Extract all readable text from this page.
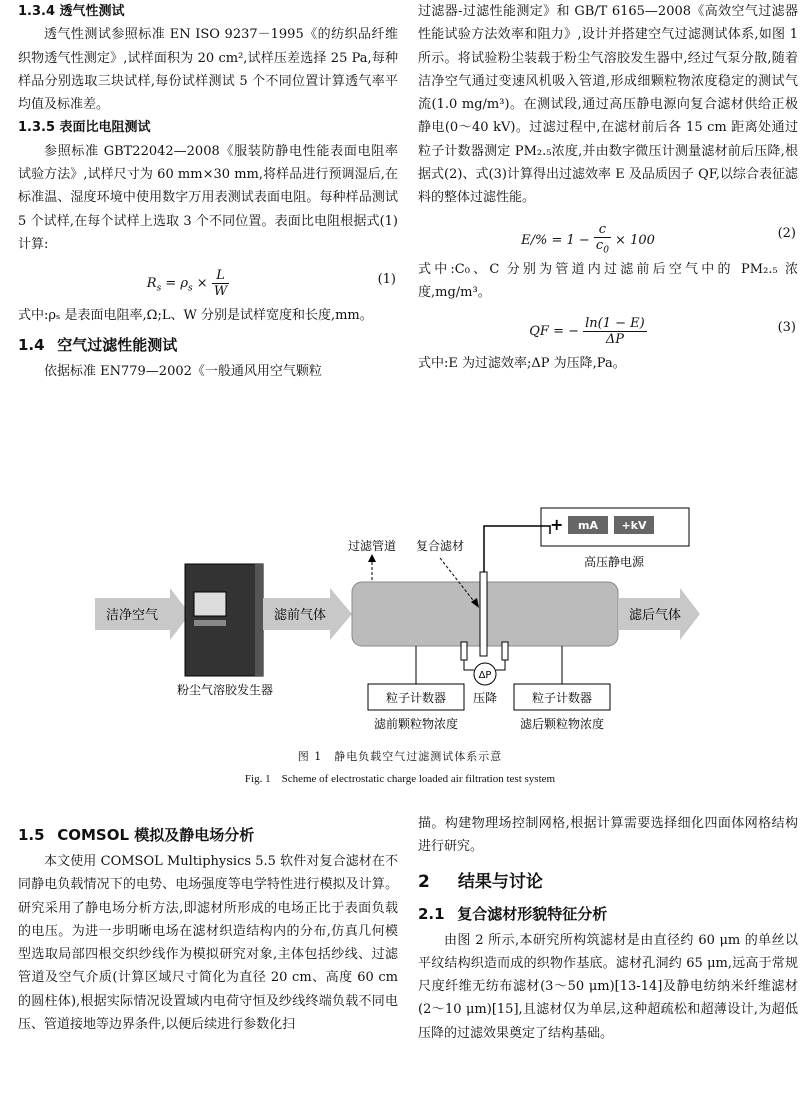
1.3.4 透气性测试

透气性测试参照标准 EN ISO 9237－1995《的纺织品纤维织物透气性测定》,试样面积为 20 cm²,试样压差选择 25 Pa,每种样品分别选取三块试样,每份试样测试 5 个不同位置计算透气率平均值及标准差。

1.3.5 表面比电阻测试

参照标准 GBT22042—2008《服装防静电性能表面电阻率试验方法》,试样尺寸为 60 mm×30 mm,将样品进行预调湿后,在标准温、湿度环境中使用数字万用表测试表面电阻。每种样品测试 5 个试样,在每个试样上选取 3 个不同位置。表面比电阻根据式(1)计算:

$R_s = \rho_s \times \frac{L}{W}$	(1)

式中:ρₛ 是表面电阻率,Ω;L、W 分别是试样宽度和长度,mm。

1.4 空气过滤性能测试

依据标准 EN779—2002《一般通风用空气颗粒

过滤器-过滤性能测定》和 GB/T 6165—2008《高效空气过滤器性能试验方法效率和阻力》,设计并搭建空气过滤测试体系,如图 1 所示。将试验粉尘装载于粉尘气溶胶发生器中,经过气泵分散,随着洁净空气通过变速风机吸入管道,形成细颗粒物浓度稳定的测试气流(1.0 mg/m³)。在测试段,通过高压静电源向复合滤材供给正极静电(0～40 kV)。过滤过程中,在滤材前后各 15 cm 距离处通过粒子计数器测定 PM₂.₅浓度,并由数字微压计测量滤材前后压降,根据式(2)、式(3)计算得出过滤效率 E 及品质因子 QF,以综合表征滤料的整体过滤性能。

$E/\% = 1 - \frac{c}{c_0} \times 100$	(2)

式中:C₀、C 分别为管道内过滤前后空气中的 PM₂.₅ 浓度,mg/m³。

QF = − $\frac{\ln(1 - E)}{\Delta P}$	(3)

式中:E 为过滤效率;ΔP 为压降,Pa。

洁净空气
粉尘气溶胶发生器
滤前气体	滤后气体
+ mA +kV
高压静电源
过滤管道 复合滤材
ΔP
压降
粒子计数器
滤前颗粒物浓度
粒子计数器
滤后颗粒物浓度
图 1　静电负载空气过滤测试体系示意
Fig. 1　Scheme of electrostatic charge loaded air filtration test system
1.5 COMSOL 模拟及静电场分析

本文使用 COMSOL Multiphysics 5.5 软件对复合滤材在不同静电负载情况下的电势、电场强度等电学特性进行模拟及计算。研究采用了静电场分析方法,即滤材所形成的电场正比于表面负载的电压。为进一步明晰电场在滤材织造结构内的分布,仿真几何模型选取局部四根交织纱线作为模拟研究对象,主体包括纱线、过滤管道及空气介质(计算区域尺寸简化为直径 20 cm、高度 60 cm 的圆柱体),根据实际情况设置域内电荷守恒及纱线终端负载不同电压、管道接地等边界条件,以便后续进行参数化扫

描。构建物理场控制网格,根据计算需要选择细化四面体网格结构进行研究。

2 结果与讨论
2.1 复合滤材形貌特征分析

由图 2 所示,本研究所构筑滤材是由直径约 60 μm 的单丝以平纹结构织造而成的织物作基底。滤材孔洞约 65 μm,远高于常规尺度纤维无纺布滤材(3～50 μm)[13-14]及静电纺纳米纤维滤材(2～10 μm)[15],且滤材仅为单层,这种超疏松和超薄设计,为超低压降的过滤效果奠定了结构基础。
